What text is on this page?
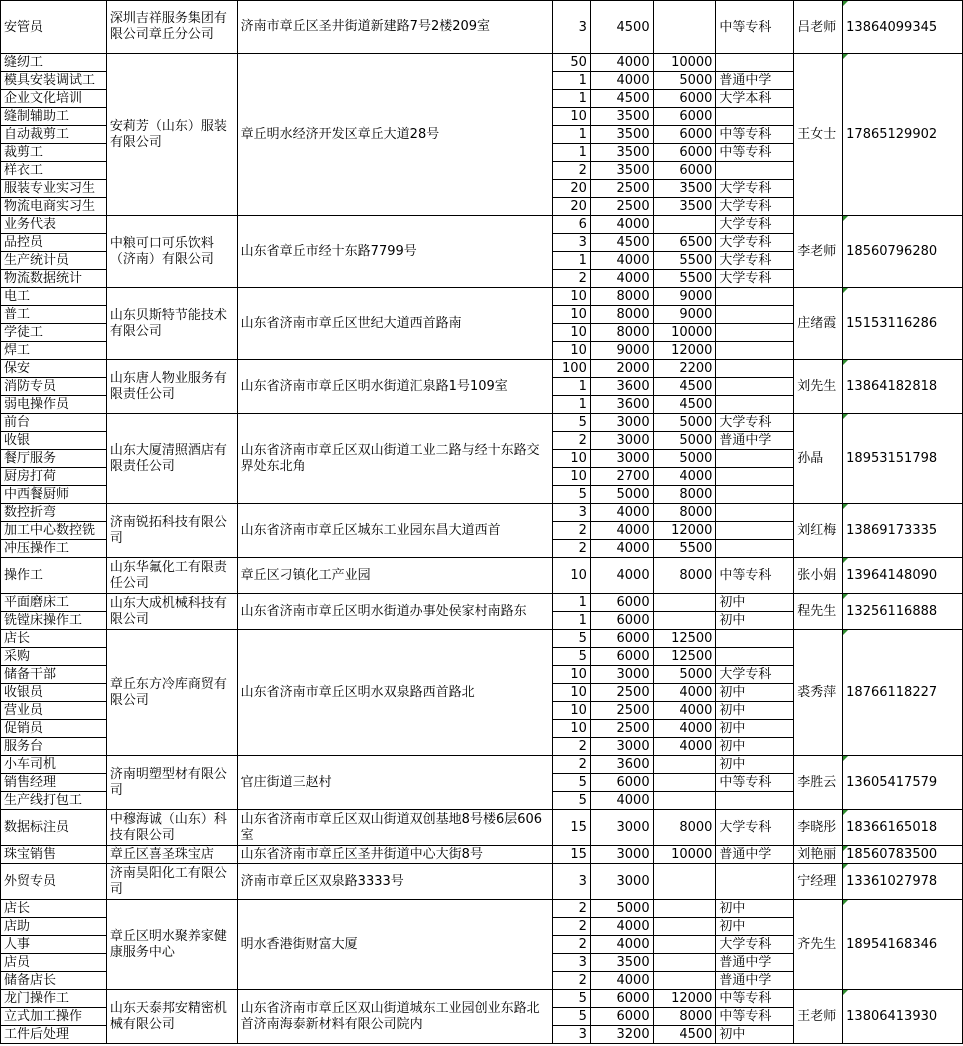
安管员	深圳吉祥服务集团有限公司章丘分公司	济南市章丘区圣井街道新建路7号2楼209室	3	4500		中等专科	吕老师	13864099345
缝纫工	安莉芳（山东）服装有限公司	章丘明水经济开发区章丘大道28号	50	4000	10000		王女士	17865129902
模具安装调试工			1	4000	5000	普通中学		
企业文化培训			1	4500	6000	大学本科		
缝制辅助工			10	3500	6000			
自动裁剪工			1	3500	6000	中等专科		
裁剪工			1	3500	6000	中等专科		
样衣工			2	3500	6000			
服装专业实习生			20	2500	3500	大学专科		
物流电商实习生			20	2500	3500	大学专科		
业务代表	中粮可口可乐饮料（济南）有限公司	山东省章丘市经十东路7799号	6	4000		大学专科	李老师	18560796280
品控员			3	4500	6500	大学专科		
生产统计员			1	4000	5500	大学专科		
物流数据统计			2	4000	5500	大学专科		
电工	山东贝斯特节能技术有限公司	山东省济南市章丘区世纪大道西首路南	10	8000	9000		庄绪霞	15153116286
普工			10	8000	9000			
学徒工			10	8000	10000			
焊工			10	9000	12000			
保安	山东唐人物业服务有限责任公司	山东省济南市章丘区明水街道汇泉路1号109室	100	2000	2200		刘先生	13864182818
消防专员			1	3600	4500			
弱电操作员			1	3600	4500			
前台	山东大厦清照酒店有限责任公司	山东省济南市章丘区双山街道工业二路与经十东路交界处东北角	5	3000	5000	大学专科	孙晶	18953151798
收银			2	3000	5000	普通中学		
餐厅服务			10	3000	5000			
厨房打荷			10	2700	4000			
中西餐厨师			5	5000	8000			
数控折弯	济南锐拓科技有限公司	山东省济南市章丘区城东工业园东昌大道西首	3	4000	8000		刘红梅	13869173335
加工中心数控铣			2	4000	12000			
冲压操作工			2	4000	5500			
操作工	山东华氟化工有限责任公司	章丘区刁镇化工产业园	10	4000	8000	中等专科	张小娟	13964148090
平面磨床工	山东大成机械科技有限公司	山东省济南市章丘区明水街道办事处侯家村南路东	1	6000		初中	程先生	13256116888
铣镗床操作工			1	6000		初中		
店长	章丘东方冷库商贸有限公司	山东省济南市章丘区明水双泉路西首路北	5	6000	12500		裘秀萍	18766118227
采购			5	6000	12500			
储备干部			10	3000	5000	大学专科		
收银员			10	2500	4000	初中		
营业员			10	2500	4000	初中		
促销员			10	2500	4000	初中		
服务台			2	3000	4000	初中		
小车司机	济南明塑型材有限公司	官庄街道三赵村	2	3600		初中	李胜云	13605417579
销售经理			5	6000		中等专科		
生产线打包工			5	4000				
数据标注员	中穆海诚（山东）科技有限公司	山东省济南市章丘区双山街道双创基地8号楼6层606室	15	3000	8000	大学专科	李晓彤	18366165018
珠宝销售	章丘区喜圣珠宝店	山东省济南市章丘区圣井街道中心大街8号	15	3000	10000	普通中学	刘艳丽	18560783500
外贸专员	济南昊阳化工有限公司	济南市章丘区双泉路3333号	3	3000			宁经理	13361027978
店长	章丘区明水聚养家健康服务中心	明水香港街财富大厦	2	5000		初中	齐先生	18954168346
店助			2	4000		初中		
人事			2	4000		大学专科		
店员			3	3500		普通中学		
储备店长			2	4000		普通中学		
龙门操作工	山东天泰邦安精密机械有限公司	山东省济南市章丘区双山街道城东工业园创业东路北首济南海泰新材料有限公司院内	5	6000	12000	中等专科	王老师	13806413930
立式加工操作			5	6000	8000	中等专科		
工件后处理			3	3200	4500	初中		
